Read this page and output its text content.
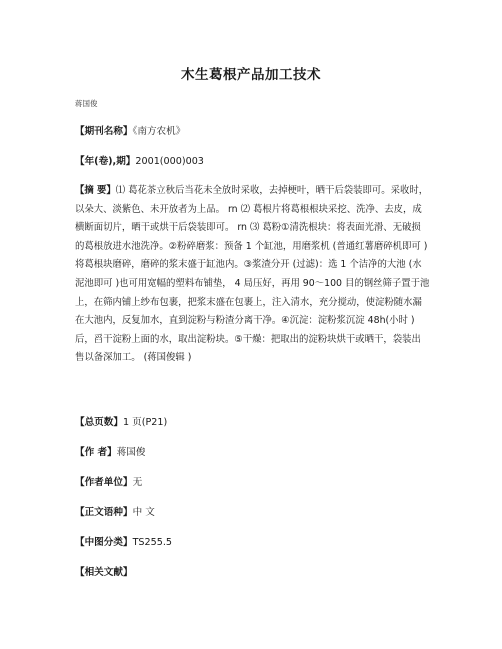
木生葛根产品加工技术
蒋国俊
【期刊名称】《南方农机》
【年(卷),期】2001(000)003
【摘 要】⑴ 葛花茶立秋后当花未全放时采收，去掉梗叶，晒干后袋装即可。采收时，以朵大、淡紫色、未开放者为上品。 rn ⑵ 葛根片将葛根根块采挖、洗净、去皮，成横断面切片，晒干或烘干后袋装即可。 rn ⑶ 葛粉①清洗根块：将表面光滑、无破损的葛根放进水池洗净。②粉碎磨浆：预备 1 个缸池，用磨浆机 (普通红薯磨碎机即可 )将葛根块磨碎，磨碎的浆末盛于缸池内。③浆渣分开 (过滤)：选 1 个洁净的大池 (水泥池即可 )也可用宽幅的塑料布铺垫， 4 局压好，再用 90～100 目的钢丝筛子置于池上，在筛内铺上纱布包裹，把浆末盛在包裹上，注入清水，充分搅动，使淀粉随水漏在大池内，反复加水，直到淀粉与粉渣分离干净。④沉淀：淀粉浆沉淀 48h(小时 )后，舀干淀粉上面的水，取出淀粉块。⑤干燥：把取出的淀粉块烘干或晒干，袋装出售以备深加工。 (蒋国俊辑 )
【总页数】1 页(P21)
【作 者】蒋国俊
【作者单位】无
【正文语种】中 文
【中图分类】TS255.5
【相关文献】
